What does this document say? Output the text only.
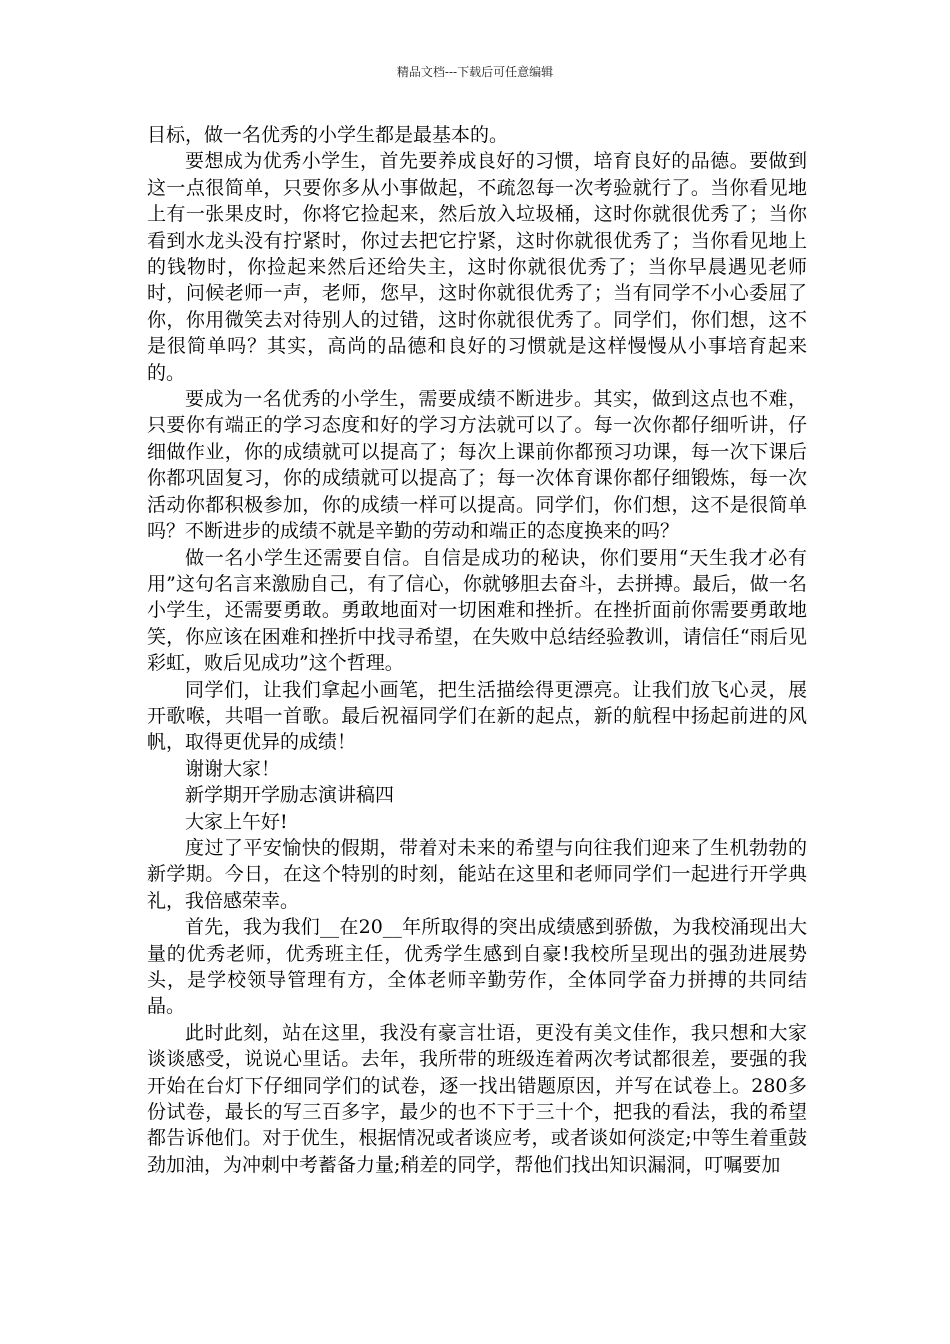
精品文档---下载后可任意编辑

目标，做一名优秀的小学生都是最基本的。

要想成为优秀小学生，首先要养成良好的习惯，培育良好的品德。要做到这一点很简单，只要你多从小事做起，不疏忽每一次考验就行了。当你看见地上有一张果皮时，你将它捡起来，然后放入垃圾桶，这时你就很优秀了；当你看到水龙头没有拧紧时，你过去把它拧紧，这时你就很优秀了；当你看见地上的钱物时，你捡起来然后还给失主，这时你就很优秀了；当你早晨遇见老师时，问候老师一声，老师，您早，这时你就很优秀了；当有同学不小心委屈了你，你用微笑去对待别人的过错，这时你就很优秀了。同学们，你们想，这不是很简单吗？其实，高尚的品德和良好的习惯就是这样慢慢从小事培育起来的。

要成为一名优秀的小学生，需要成绩不断进步。其实，做到这点也不难，只要你有端正的学习态度和好的学习方法就可以了。每一次你都仔细听讲，仔细做作业，你的成绩就可以提高了；每次上课前你都预习功课，每一次下课后你都巩固复习，你的成绩就可以提高了；每一次体育课你都仔细锻炼，每一次活动你都积极参加，你的成绩一样可以提高。同学们，你们想，这不是很简单吗？不断进步的成绩不就是辛勤的劳动和端正的态度换来的吗？

做一名小学生还需要自信。自信是成功的秘诀，你们要用“天生我才必有用”这句名言来激励自己，有了信心，你就够胆去奋斗，去拼搏。最后，做一名小学生，还需要勇敢。勇敢地面对一切困难和挫折。在挫折面前你需要勇敢地笑，你应该在困难和挫折中找寻希望，在失败中总结经验教训，请信任“雨后见彩虹，败后见成功”这个哲理。

同学们，让我们拿起小画笔，把生活描绘得更漂亮。让我们放飞心灵，展开歌喉，共唱一首歌。最后祝福同学们在新的起点，新的航程中扬起前进的风帆，取得更优异的成绩！

谢谢大家！

新学期开学励志演讲稿四

大家上午好!

度过了平安愉快的假期，带着对未来的希望与向往我们迎来了生机勃勃的新学期。今日，在这个特别的时刻，能站在这里和老师同学们一起进行开学典礼，我倍感荣幸。

首先，我为我们__在20__年所取得的突出成绩感到骄傲，为我校涌现出大量的优秀老师，优秀班主任，优秀学生感到自豪!我校所呈现出的强劲进展势头，是学校领导管理有方，全体老师辛勤劳作，全体同学奋力拼搏的共同结晶。

此时此刻，站在这里，我没有豪言壮语，更没有美文佳作，我只想和大家谈谈感受，说说心里话。去年，我所带的班级连着两次考试都很差，要强的我开始在台灯下仔细同学们的试卷，逐一找出错题原因，并写在试卷上。280多份试卷，最长的写三百多字，最少的也不下于三十个，把我的看法，我的希望都告诉他们。对于优生，根据情况或者谈应考，或者谈如何淡定;中等生着重鼓劲加油，为冲刺中考蓄备力量;稍差的同学，帮他们找出知识漏洞，叮嘱要加
